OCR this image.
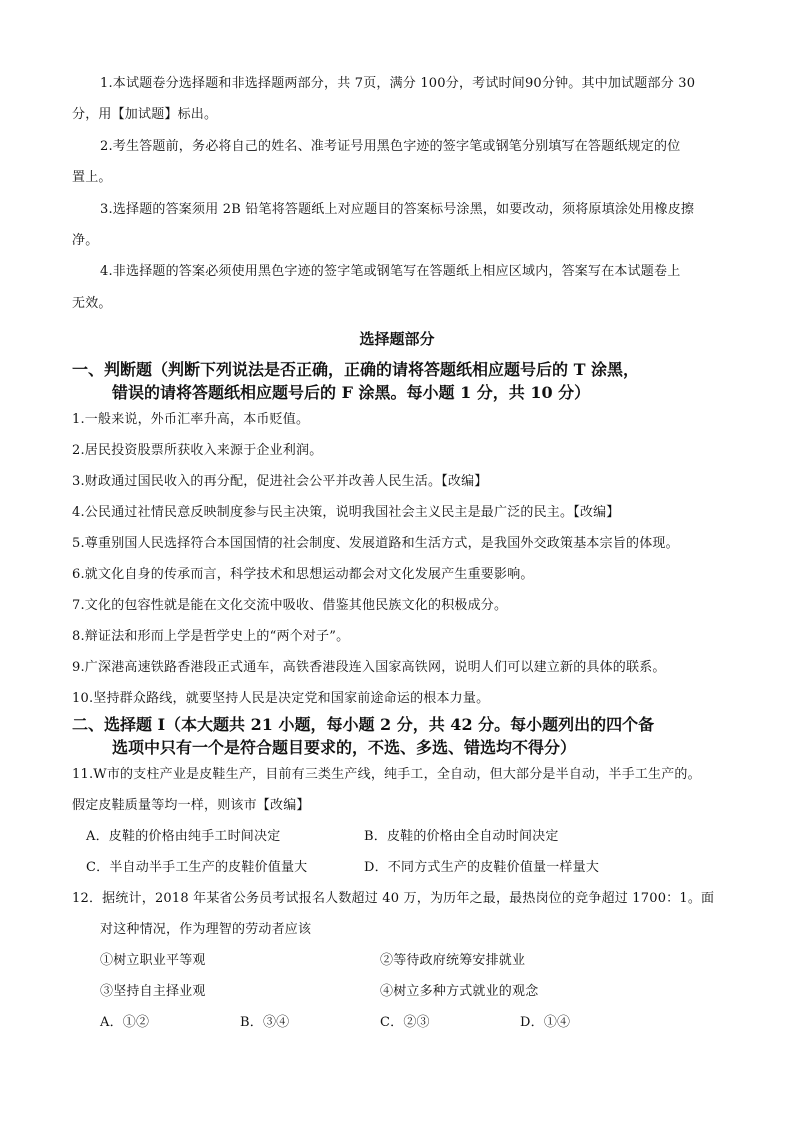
1.本试题卷分选择题和非选择题两部分，共 7页，满分 100分，考试时间90分钟。其中加试题部分 30
分，用【加试题】标出。
2.考生答题前，务必将自己的姓名、准考证号用黑色字迹的签字笔或钢笔分别填写在答题纸规定的位
置上。
3.选择题的答案须用 2B 铅笔将答题纸上对应题目的答案标号涂黑，如要改动，须将原填涂处用橡皮擦
净。
4.非选择题的答案必须使用黑色字迹的签字笔或钢笔写在答题纸上相应区域内，答案写在本试题卷上
无效。
选择题部分
一、判断题（判断下列说法是否正确，正确的请将答题纸相应题号后的 T 涂黑，
错误的请将答题纸相应题号后的 F 涂黑。每小题 1 分，共 10 分）
1.一般来说，外币汇率升高，本币贬值。
2.居民投资股票所获收入来源于企业利润。
3.财政通过国民收入的再分配，促进社会公平并改善人民生活。【改编】
4.公民通过社情民意反映制度参与民主决策，说明我国社会主义民主是最广泛的民主。【改编】
5.尊重别国人民选择符合本国国情的社会制度、发展道路和生活方式，是我国外交政策基本宗旨的体现。
6.就文化自身的传承而言，科学技术和思想运动都会对文化发展产生重要影响。
7.文化的包容性就是能在文化交流中吸收、借鉴其他民族文化的积极成分。
8.辩证法和形而上学是哲学史上的“两个对子”。
9.广深港高速铁路香港段正式通车，高铁香港段连入国家高铁网，说明人们可以建立新的具体的联系。
10.坚持群众路线，就要坚持人民是决定党和国家前途命运的根本力量。
二、选择题 I（本大题共 21 小题，每小题 2 分，共 42 分。每小题列出的四个备
选项中只有一个是符合题目要求的，不选、多选、错选均不得分）
11.W市的支柱产业是皮鞋生产，目前有三类生产线，纯手工，全自动，但大部分是半自动，半手工生产的。
假定皮鞋质量等均一样，则该市【改编】
A．皮鞋的价格由纯手工时间决定	B．皮鞋的价格由全自动时间决定
C．半自动半手工生产的皮鞋价值量大	D．不同方式生产的皮鞋价值量一样量大
12．据统计，2018 年某省公务员考试报名人数超过 40 万，为历年之最，最热岗位的竞争超过 1700：1。面
对这种情况，作为理智的劳动者应该
①树立职业平等观	②等待政府统筹安排就业
③坚持自主择业观	④树立多种方式就业的观念
A．①②	B．③④	C．②③	D．①④
